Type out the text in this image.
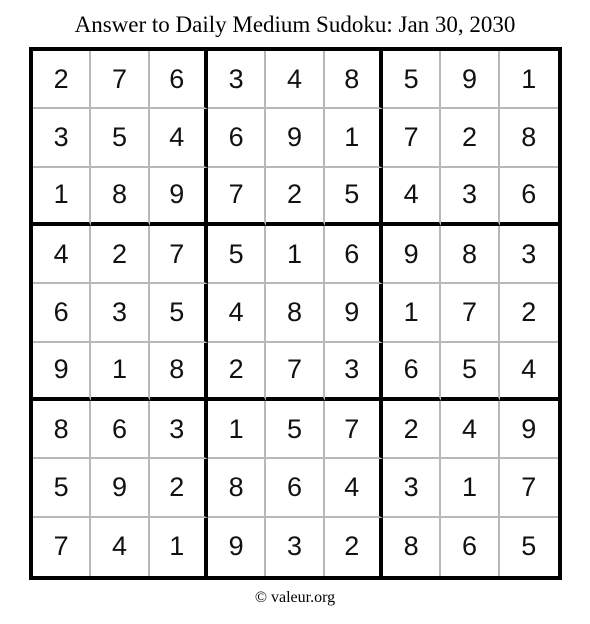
Answer to Daily Medium Sudoku: Jan 30, 2030
2	7	6	3	4	8	5	9	1
3	5	4	6	9	1	7	2	8
1	8	9	7	2	5	4	3	6
4	2	7	5	1	6	9	8	3
6	3	5	4	8	9	1	7	2
9	1	8	2	7	3	6	5	4
8	6	3	1	5	7	2	4	9
5	9	2	8	6	4	3	1	7
7	4	1	9	3	2	8	6	5
© valeur.org
